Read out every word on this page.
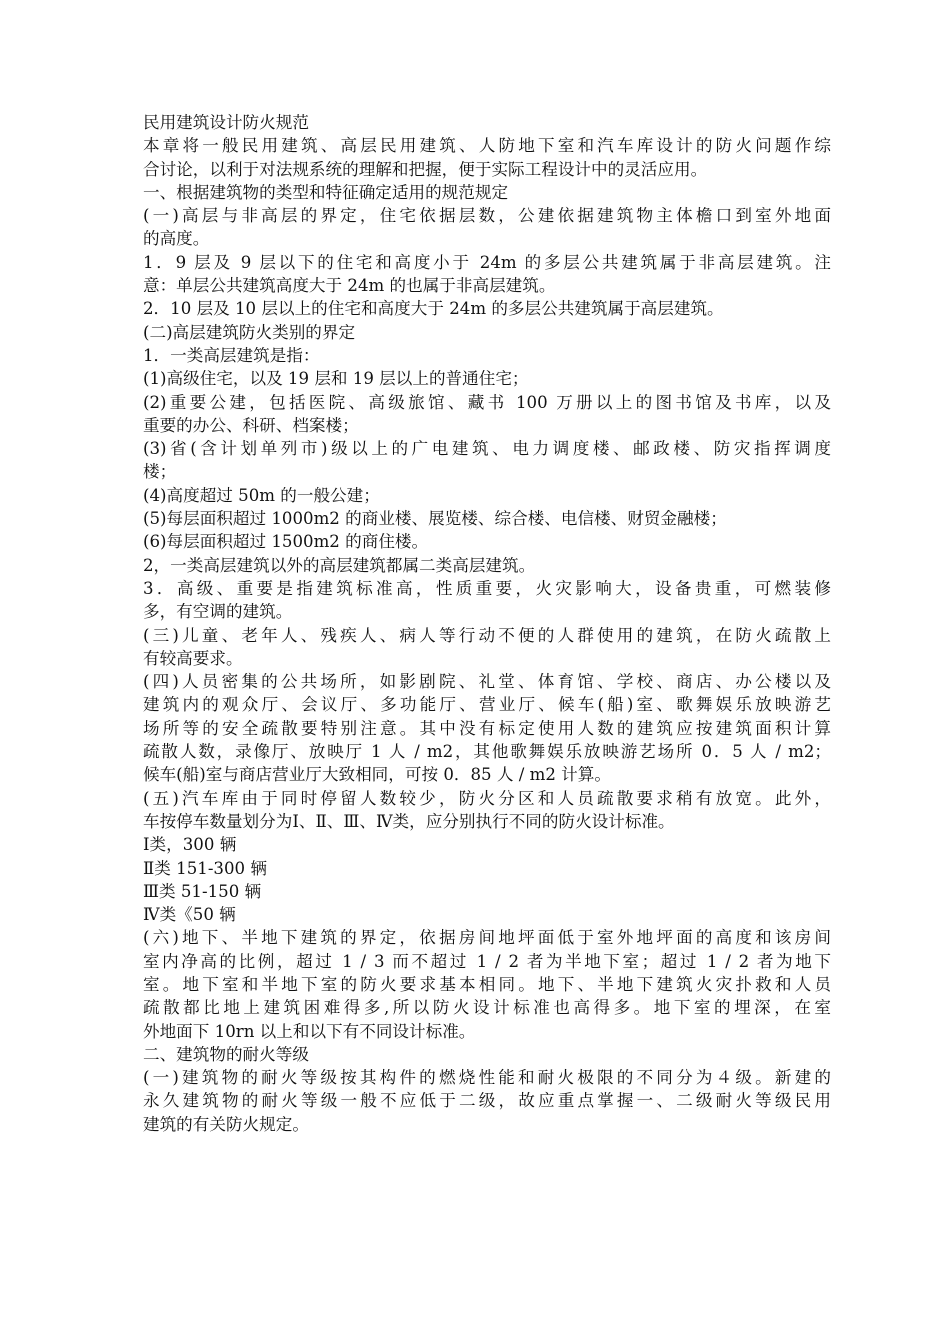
民用建筑设计防火规范
本章将一般民用建筑、高层民用建筑、人防地下室和汽车库设计的防火问题作综
合讨论，以利于对法规系统的理解和把握，便于实际工程设计中的灵活应用。
一、根据建筑物的类型和特征确定适用的规范规定
(一)高层与非高层的界定，住宅依据层数，公建依据建筑物主体檐口到室外地面
的高度。
1．9 层及 9 层以下的住宅和高度小于 24m 的多层公共建筑属于非高层建筑。注
意：单层公共建筑高度大于 24m 的也属于非高层建筑。
2．10 层及 10 层以上的住宅和高度大于 24m 的多层公共建筑属于高层建筑。
(二)高层建筑防火类别的界定
1．一类高层建筑是指：
(1)高级住宅，以及 19 层和 19 层以上的普通住宅；
(2)重要公建，包括医院、高级旅馆、藏书 100 万册以上的图书馆及书库，以及
重要的办公、科研、档案楼；
(3)省(含计划单列市)级以上的广电建筑、电力调度楼、邮政楼、防灾指挥调度
楼；
(4)高度超过 50m 的一般公建；
(5)每层面积超过 1000m2 的商业楼、展览楼、综合楼、电信楼、财贸金融楼；
(6)每层面积超过 1500m2 的商住楼。
2，一类高层建筑以外的高层建筑都属二类高层建筑。
3．高级、重要是指建筑标准高，性质重要，火灾影响大，设备贵重，可燃装修
多，有空调的建筑。
(三)儿童、老年人、残疾人、病人等行动不便的人群使用的建筑，在防火疏散上
有较高要求。
(四)人员密集的公共场所，如影剧院、礼堂、体育馆、学校、商店、办公楼以及
建筑内的观众厅、会议厅、多功能厅、营业厅、候车(船)室、歌舞娱乐放映游艺
场所等的安全疏散要特别注意。其中没有标定使用人数的建筑应按建筑面积计算
疏散人数，录像厅、放映厅 1 人 / m2，其他歌舞娱乐放映游艺场所 0．5 人 / m2；
候车(船)室与商店营业厅大致相同，可按 0．85 人 / m2 计算。
(五)汽车库由于同时停留人数较少，防火分区和人员疏散要求稍有放宽。此外，
车按停车数量划分为Ⅰ、Ⅱ、Ⅲ、Ⅳ类，应分别执行不同的防火设计标准。
Ⅰ类，300 辆
Ⅱ类 151-300 辆
Ⅲ类 51-150 辆
Ⅳ类《50 辆
(六)地下、半地下建筑的界定，依据房间地坪面低于室外地坪面的高度和该房间
室内净高的比例，超过 1 / 3 而不超过 1 / 2 者为半地下室；超过 1 / 2 者为地下
室。地下室和半地下室的防火要求基本相同。地下、半地下建筑火灾扑救和人员
疏散都比地上建筑困难得多,所以防火设计标准也高得多。地下室的埋深，在室
外地面下 10rn 以上和以下有不同设计标准。
二、建筑物的耐火等级
(一)建筑物的耐火等级按其构件的燃烧性能和耐火极限的不同分为４级。新建的
永久建筑物的耐火等级一般不应低于二级，故应重点掌握一、二级耐火等级民用
建筑的有关防火规定。
